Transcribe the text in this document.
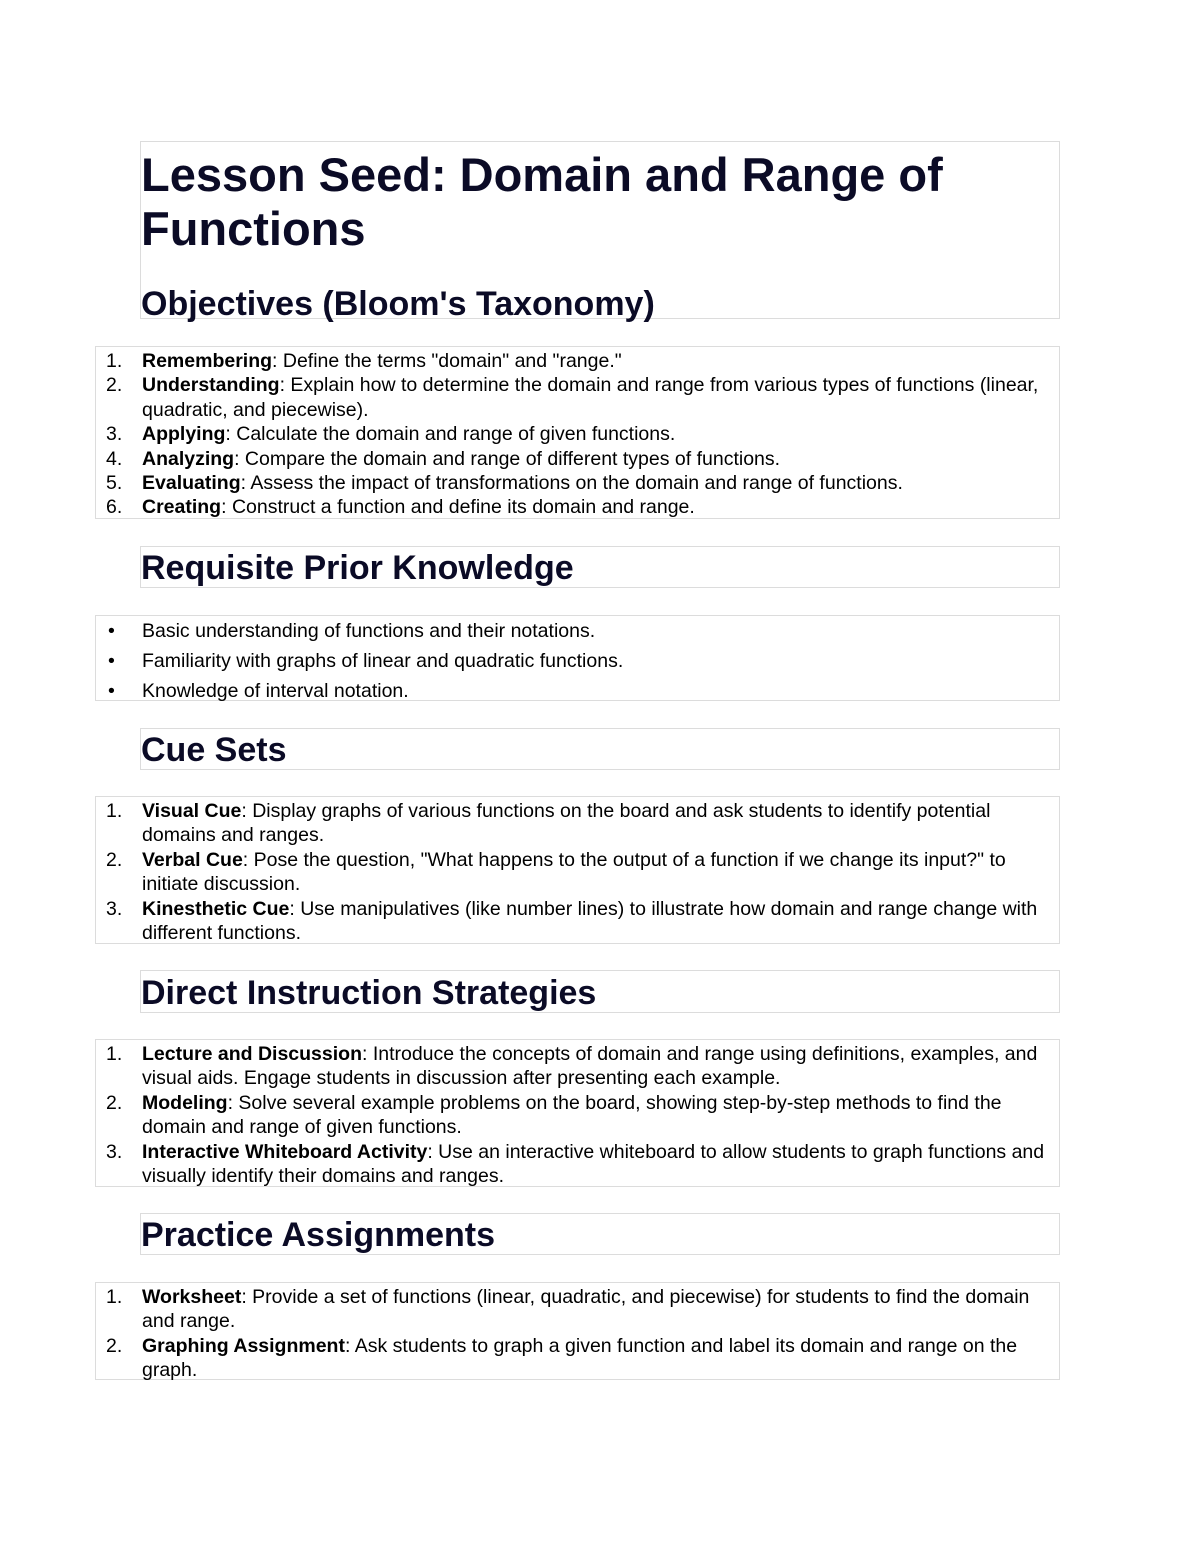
Lesson Seed: Domain and Range of Functions
Objectives (Bloom's Taxonomy)
1.	Remembering: Define the terms "domain" and "range."
2.	Understanding: Explain how to determine the domain and range from various types of functions (linear, quadratic, and piecewise).
3.	Applying: Calculate the domain and range of given functions.
4.	Analyzing: Compare the domain and range of different types of functions.
5.	Evaluating: Assess the impact of transformations on the domain and range of functions.
6.	Creating: Construct a function and define its domain and range.
Requisite Prior Knowledge
• Basic understanding of functions and their notations.
• Familiarity with graphs of linear and quadratic functions.
• Knowledge of interval notation.
Cue Sets
1.	Visual Cue: Display graphs of various functions on the board and ask students to identify potential domains and ranges.
2.	Verbal Cue: Pose the question, "What happens to the output of a function if we change its input?" to initiate discussion.
3.	Kinesthetic Cue: Use manipulatives (like number lines) to illustrate how domain and range change with different functions.
Direct Instruction Strategies
1.	Lecture and Discussion: Introduce the concepts of domain and range using definitions, examples, and visual aids. Engage students in discussion after presenting each example.
2.	Modeling: Solve several example problems on the board, showing step-by-step methods to find the domain and range of given functions.
3.	Interactive Whiteboard Activity: Use an interactive whiteboard to allow students to graph functions and visually identify their domains and ranges.
Practice Assignments
1.	Worksheet: Provide a set of functions (linear, quadratic, and piecewise) for students to find the domain and range.
2.	Graphing Assignment: Ask students to graph a given function and label its domain and range on the graph.
